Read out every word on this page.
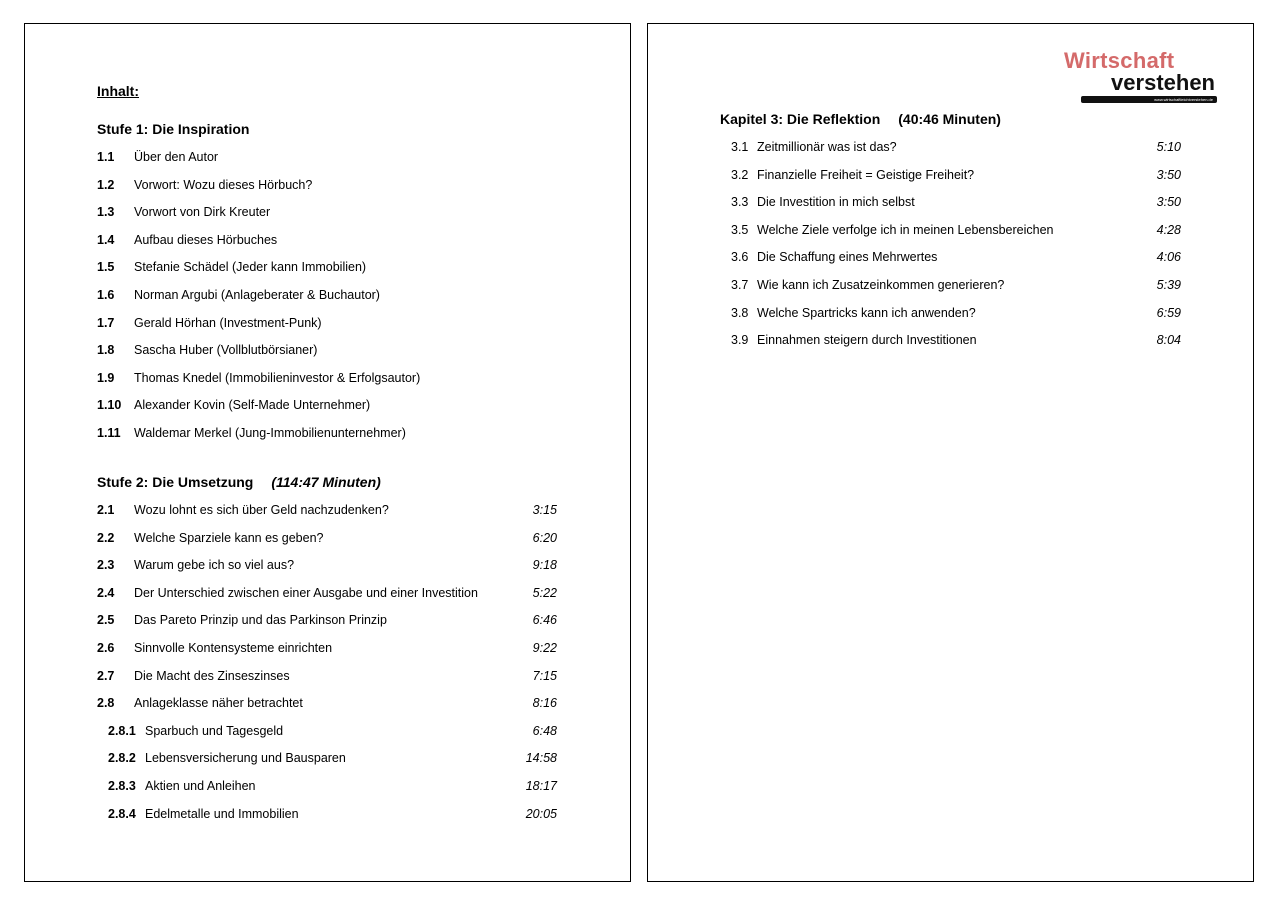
Inhalt:
Stufe 1: Die Inspiration
1.1 Über den Autor
1.2 Vorwort: Wozu dieses Hörbuch?
1.3 Vorwort von Dirk Kreuter
1.4 Aufbau dieses Hörbuches
1.5 Stefanie Schädel (Jeder kann Immobilien)
1.6 Norman Argubi (Anlageberater & Buchautor)
1.7 Gerald Hörhan (Investment-Punk)
1.8 Sascha Huber (Vollblutbörsianer)
1.9 Thomas Knedel (Immobilieninvestor & Erfolgsautor)
1.10 Alexander Kovin (Self-Made Unternehmer)
1.11 Waldemar Merkel (Jung-Immobilienunternehmer)
Stufe 2: Die Umsetzung (114:47 Minuten)
2.1 Wozu lohnt es sich über Geld nachzudenken?	3:15
2.2 Welche Sparziele kann es geben?	6:20
2.3 Warum gebe ich so viel aus?	9:18
2.4 Der Unterschied zwischen einer Ausgabe und einer Investition	5:22
2.5 Das Pareto Prinzip und das Parkinson Prinzip	6:46
2.6 Sinnvolle Kontensysteme einrichten	9:22
2.7 Die Macht des Zinseszinses	7:15
2.8 Anlageklasse näher betrachtet	8:16
2.8.1 Sparbuch und Tagesgeld	6:48
2.8.2 Lebensversicherung und Bausparen	14:58
2.8.3 Aktien und Anleihen	18:17
2.8.4 Edelmetalle und Immobilien	20:05
Wirtschaft
verstehen
www.wirtschaftleichtverstehen.de
Kapitel 3: Die Reflektion (40:46 Minuten)
3.1 Zeitmillionär was ist das?	5:10
3.2 Finanzielle Freiheit = Geistige Freiheit?	3:50
3.3 Die Investition in mich selbst	3:50
3.5 Welche Ziele verfolge ich in meinen Lebensbereichen	4:28
3.6 Die Schaffung eines Mehrwertes	4:06
3.7 Wie kann ich Zusatzeinkommen generieren?	5:39
3.8 Welche Spartricks kann ich anwenden?	6:59
3.9 Einnahmen steigern durch Investitionen	8:04
